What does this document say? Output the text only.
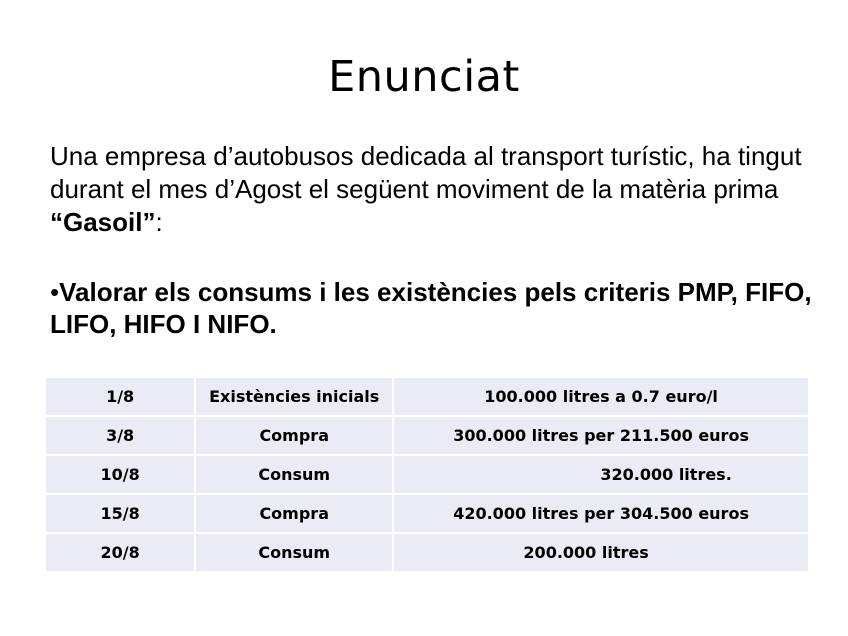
Enunciat
Una empresa d’autobusos dedicada al transport turístic, ha tingut durant el mes d’Agost el següent moviment de la matèria prima “Gasoil”:
•Valorar els consums i les existències pels criteris PMP, FIFO, LIFO, HIFO I NIFO.
1/8	Existències inicials	100.000 litres a 0.7 euro/l
3/8	Compra	300.000 litres per 211.500 euros
10/8	Consum	320.000 litres.
15/8	Compra	420.000 litres per 304.500 euros
20/8	Consum	200.000 litres
